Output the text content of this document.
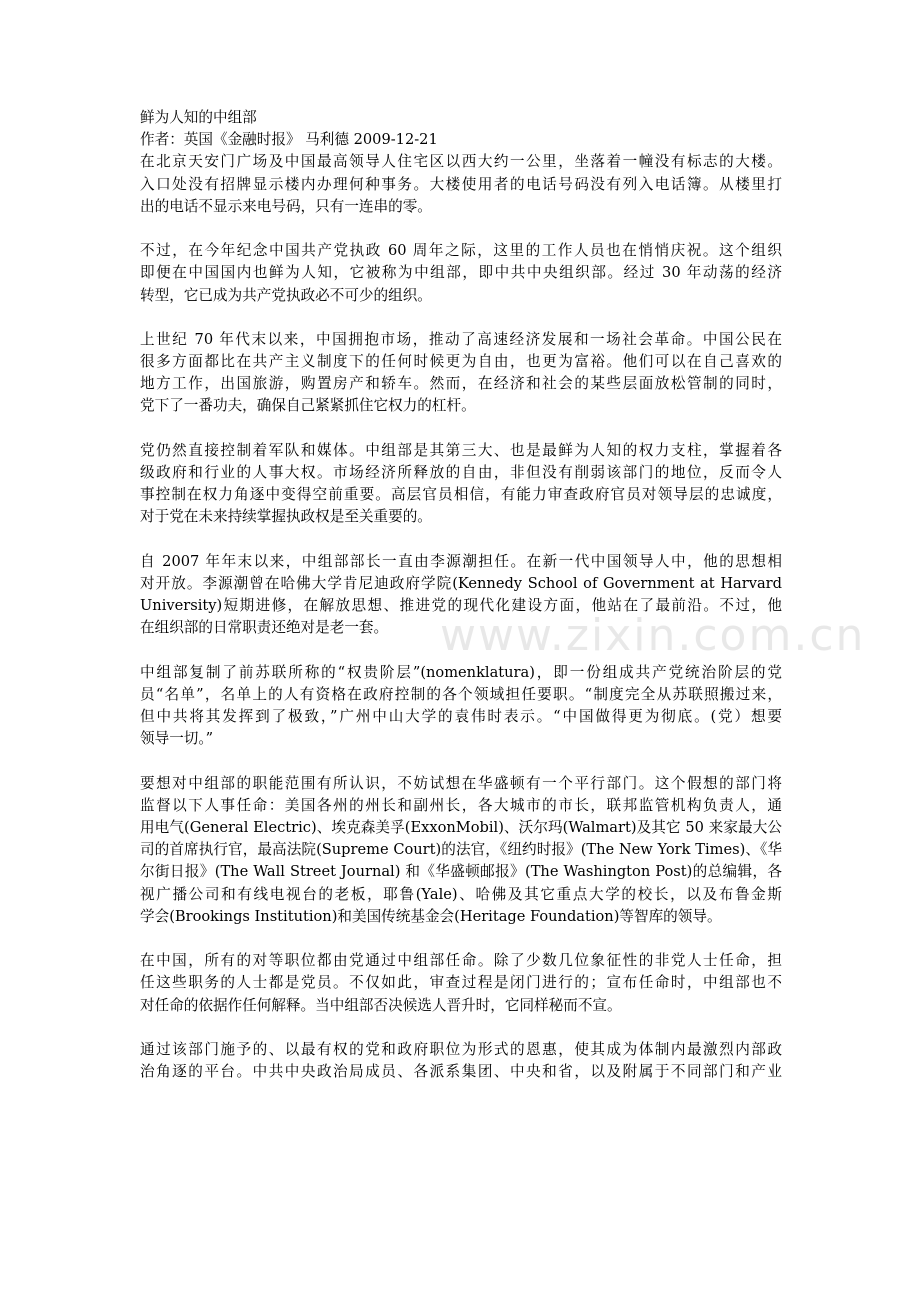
www.zixin.com.cn
鲜为人知的中组部
作者：英国《金融时报》 马利德 2009-12-21
在北京天安门广场及中国最高领导人住宅区以西大约一公里，坐落着一幢没有标志的大楼。
入口处没有招牌显示楼内办理何种事务。大楼使用者的电话号码没有列入电话簿。从楼里打
出的电话不显示来电号码，只有一连串的零。
不过，在今年纪念中国共产党执政 60 周年之际，这里的工作人员也在悄悄庆祝。这个组织
即便在中国国内也鲜为人知，它被称为中组部，即中共中央组织部。经过 30 年动荡的经济
转型，它已成为共产党执政必不可少的组织。
上世纪 70 年代末以来，中国拥抱市场，推动了高速经济发展和一场社会革命。中国公民在
很多方面都比在共产主义制度下的任何时候更为自由，也更为富裕。他们可以在自己喜欢的
地方工作，出国旅游，购置房产和轿车。然而，在经济和社会的某些层面放松管制的同时，
党下了一番功夫，确保自己紧紧抓住它权力的杠杆。
党仍然直接控制着军队和媒体。中组部是其第三大、也是最鲜为人知的权力支柱，掌握着各
级政府和行业的人事大权。市场经济所释放的自由，非但没有削弱该部门的地位，反而令人
事控制在权力角逐中变得空前重要。高层官员相信，有能力审查政府官员对领导层的忠诚度，
对于党在未来持续掌握执政权是至关重要的。
自 2007 年年末以来，中组部部长一直由李源潮担任。在新一代中国领导人中，他的思想相
对开放。李源潮曾在哈佛大学肯尼迪政府学院(Kennedy School of Government at Harvard
University)短期进修，在解放思想、推进党的现代化建设方面，他站在了最前沿。不过，他
在组织部的日常职责还绝对是老一套。
中组部复制了前苏联所称的“权贵阶层”(nomenklatura)，即一份组成共产党统治阶层的党
员“名单”，名单上的人有资格在政府控制的各个领域担任要职。“制度完全从苏联照搬过来，
但中共将其发挥到了极致，”广州中山大学的袁伟时表示。“中国做得更为彻底。(党）想要
领导一切。”
要想对中组部的职能范围有所认识，不妨试想在华盛顿有一个平行部门。这个假想的部门将
监督以下人事任命：美国各州的州长和副州长，各大城市的市长，联邦监管机构负责人，通
用电气(General Electric)、埃克森美孚(ExxonMobil)、沃尔玛(Walmart)及其它 50 来家最大公
司的首席执行官，最高法院(Supreme Court)的法官，《纽约时报》(The New York Times)、《华
尔街日报》(The Wall Street Journal) 和《华盛顿邮报》(The Washington Post)的总编辑，各
视广播公司和有线电视台的老板，耶鲁(Yale)、哈佛及其它重点大学的校长，以及布鲁金斯
学会(Brookings Institution)和美国传统基金会(Heritage Foundation)等智库的领导。
在中国，所有的对等职位都由党通过中组部任命。除了少数几位象征性的非党人士任命，担
任这些职务的人士都是党员。不仅如此，审查过程是闭门进行的；宣布任命时，中组部也不
对任命的依据作任何解释。当中组部否决候选人晋升时，它同样秘而不宣。
通过该部门施予的、以最有权的党和政府职位为形式的恩惠，使其成为体制内最激烈内部政
治角逐的平台。中共中央政治局成员、各派系集团、中央和省，以及附属于不同部门和产业
